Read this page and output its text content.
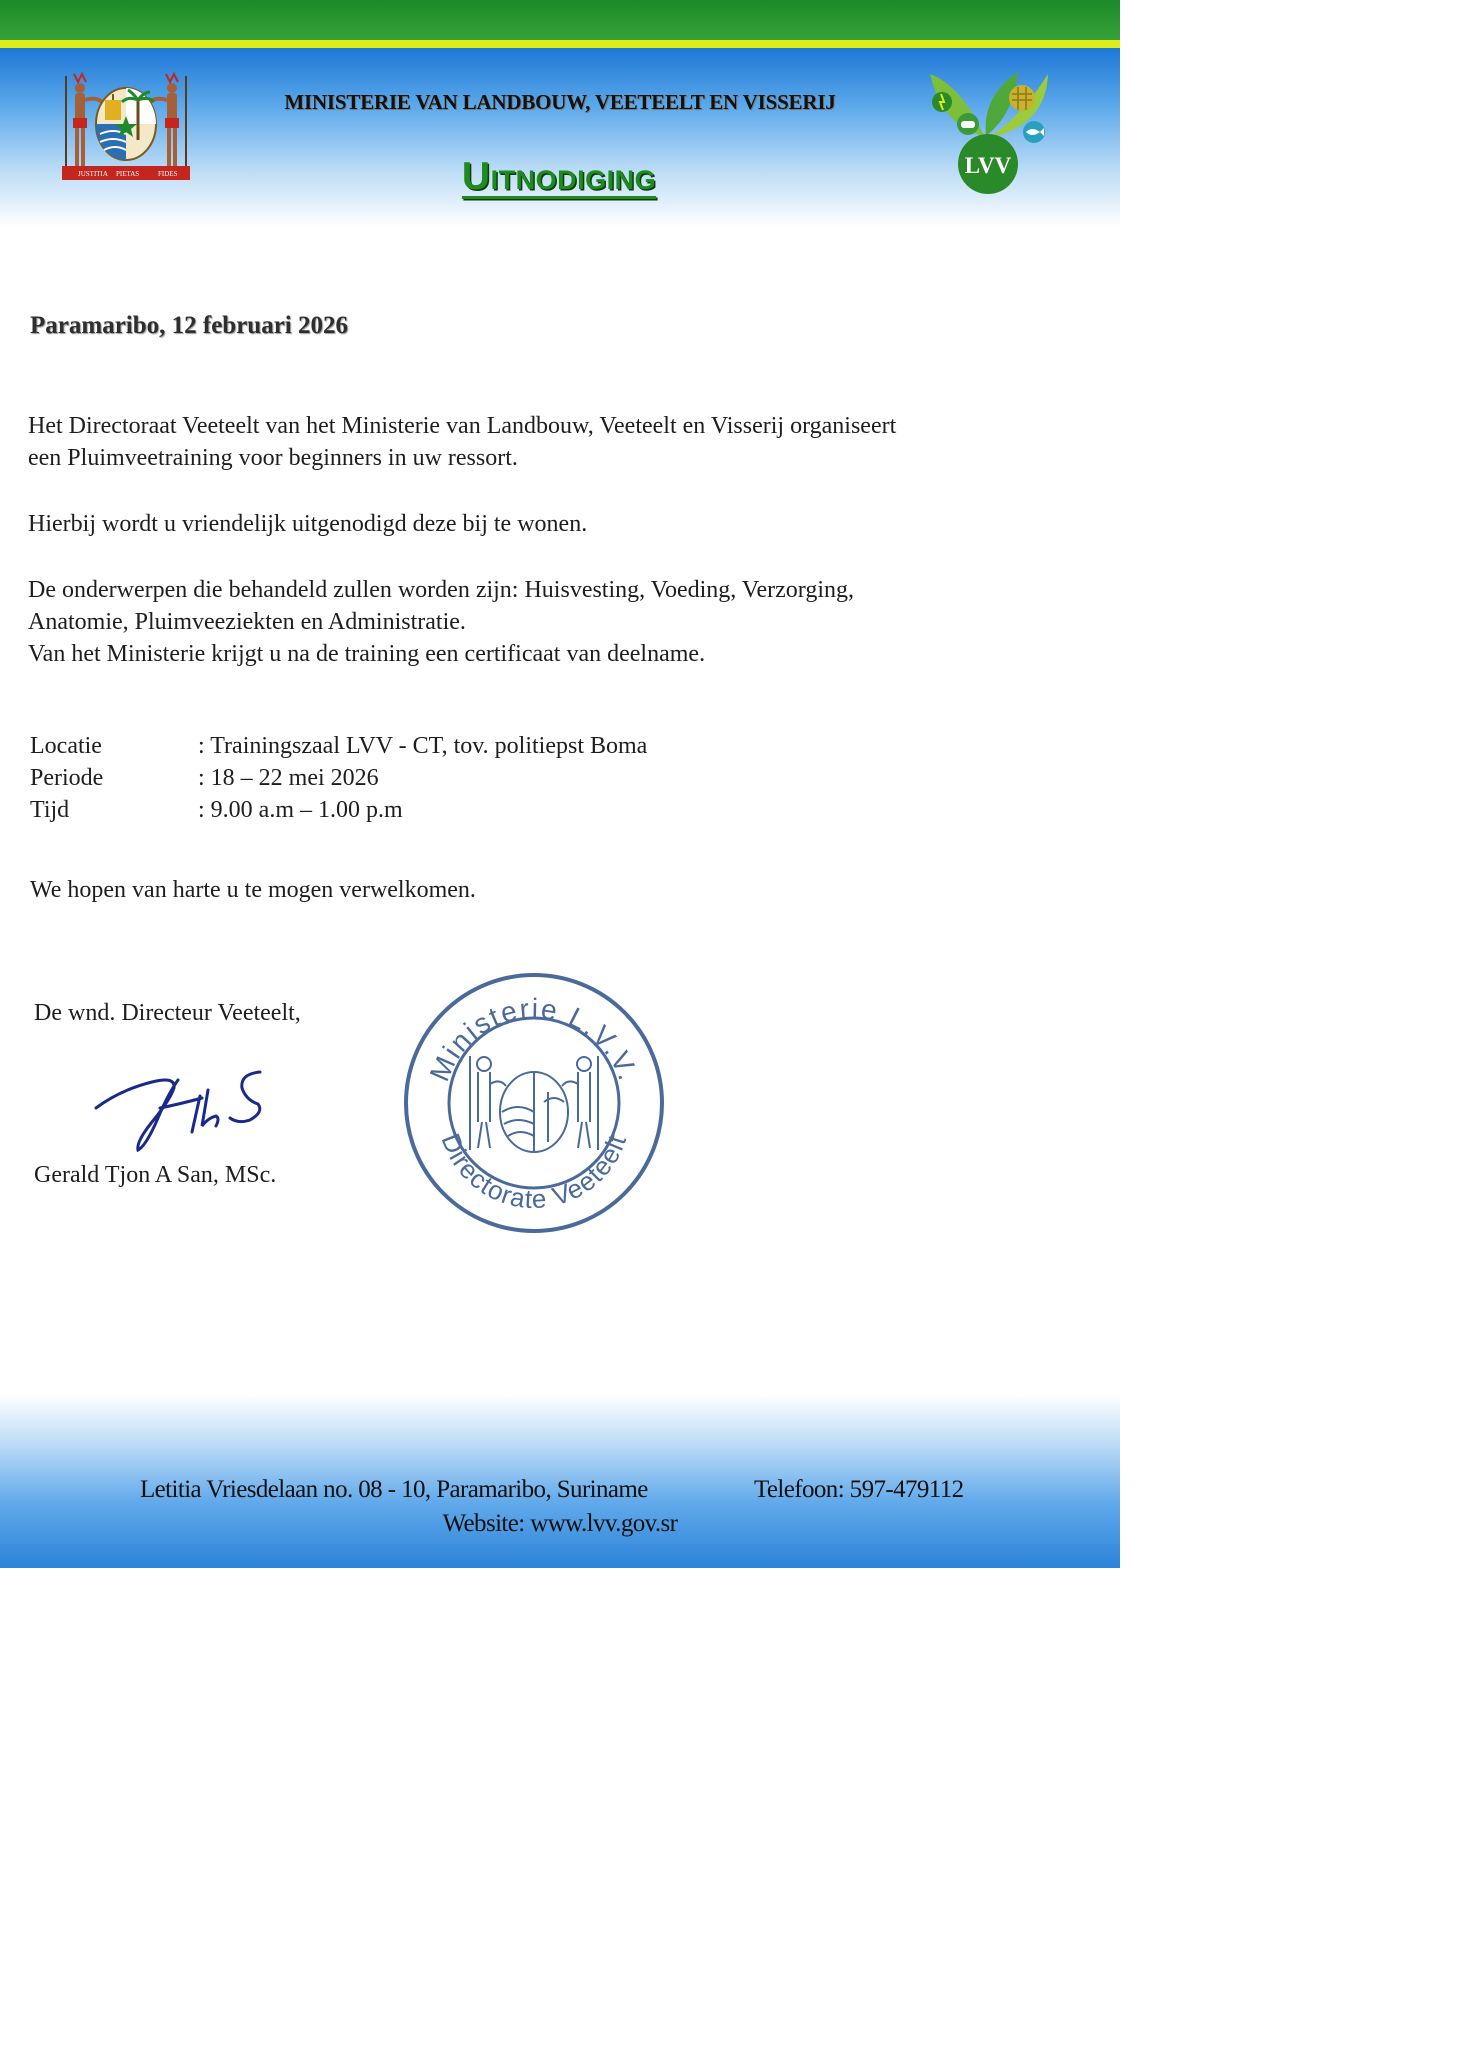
JUSTITIA PIETAS	FIDES
MINISTERIE VAN LANDBOUW, VEETEELT EN VISSERIJ
Uitnodiging	LVV
Paramaribo, 12 februari 2026
Het Directoraat Veeteelt van het Ministerie van Landbouw, Veeteelt en Visserij organiseert
een Pluimveetraining voor beginners in uw ressort.
Hierbij wordt u vriendelijk uitgenodigd deze bij te wonen.
De onderwerpen die behandeld zullen worden zijn: Huisvesting, Voeding, Verzorging,
Anatomie, Pluimveeziekten en Administratie.
Van het Ministerie krijgt u na de training een certificaat van deelname.
Locatie	: Trainingszaal LVV - CT, tov. politiepst Boma
Periode	: 18 – 22 mei 2026
Tijd	: 9.00 a.m – 1.00 p.m
We hopen van harte u te mogen verwelkomen.
De wnd. Directeur Veeteelt,
Gerald Tjon A San, MSc.
Ministerie L.V.V.
Directorate Veeteelt
Letitia Vriesdelaan no. 08 - 10, Paramaribo, Suriname	Telefoon: 597-479112
Website: www.lvv.gov.sr
